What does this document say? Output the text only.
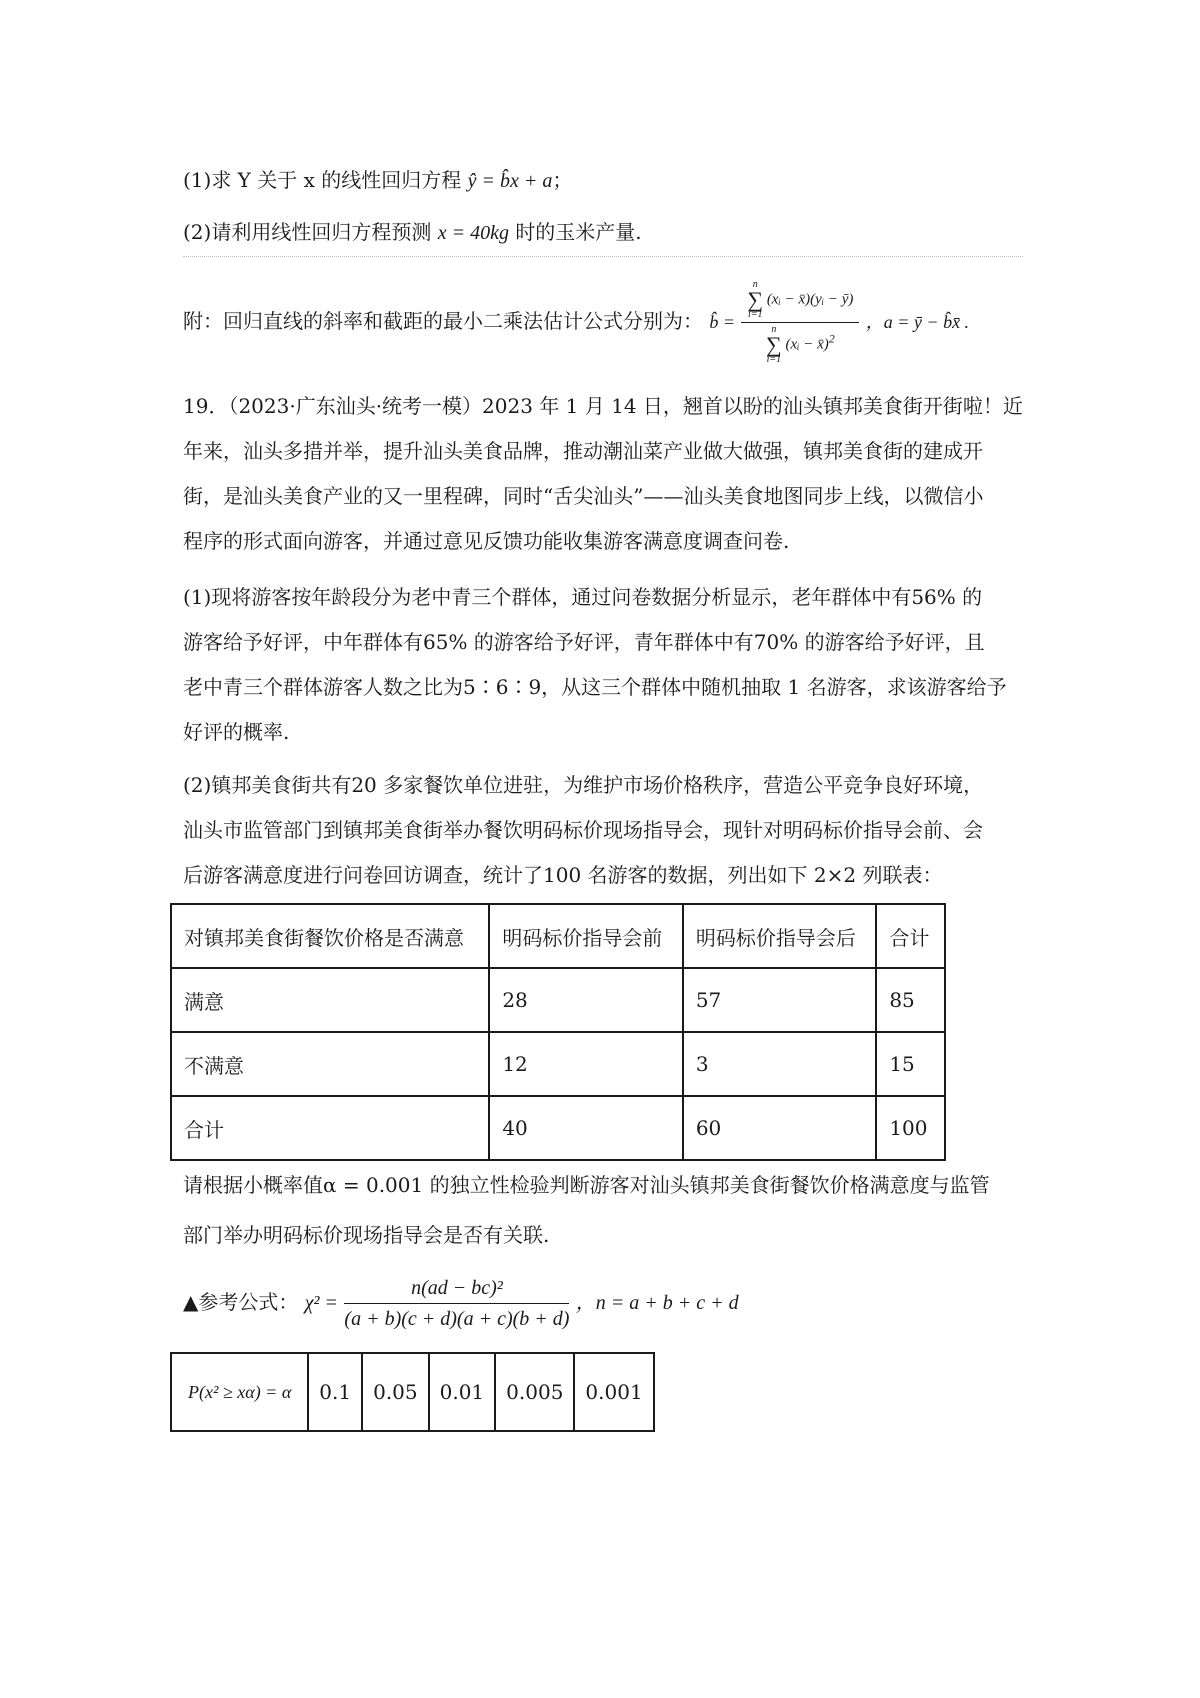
(1)求 Y 关于 x 的线性回归方程 ŷ = b̂x + a；
(2)请利用线性回归方程预测 x = 40kg 时的玉米产量.
附：回归直线的斜率和截距的最小二乘法估计公式分别为： b̂ =
n
∑
i=1 (xᵢ − x̄)(yᵢ − ȳ)
n
∑
i=1 (xᵢ − x̄)$^2$
，a = ȳ − b̂x̄ .
19．（2023·广东汕头·统考一模）2023 年 1 月 14 日，翘首以盼的汕头镇邦美食街开街啦！近
年来，汕头多措并举，提升汕头美食品牌，推动潮汕菜产业做大做强，镇邦美食街的建成开
街，是汕头美食产业的又一里程碑，同时“舌尖汕头”——汕头美食地图同步上线，以微信小
程序的形式面向游客，并通过意见反馈功能收集游客满意度调查问卷.
(1)现将游客按年龄段分为老中青三个群体，通过问卷数据分析显示，老年群体中有56% 的
游客给予好评，中年群体有65% 的游客给予好评，青年群体中有70% 的游客给予好评，且
老中青三个群体游客人数之比为5∶6∶9，从这三个群体中随机抽取 1 名游客，求该游客给予
好评的概率.
(2)镇邦美食街共有20 多家餐饮单位进驻，为维护市场价格秩序，营造公平竞争良好环境，
汕头市监管部门到镇邦美食街举办餐饮明码标价现场指导会，现针对明码标价指导会前、会
后游客满意度进行问卷回访调查，统计了100 名游客的数据，列出如下 2×2 列联表：
对镇邦美食街餐饮价格是否满意	明码标价指导会前	明码标价指导会后	合计
满意	28	57	85
不满意	12	3	15
合计	40	60	100
请根据小概率值α = 0.001 的独立性检验判断游客对汕头镇邦美食街餐饮价格满意度与监管
部门举办明码标价现场指导会是否有关联.
▲参考公式： $\chi^2 = \frac{\text{n(ad − bc)²}}{(a + b)(c + d)(a + c)(b + d)}$ ，n = a + b + c + d
P(x² ≥ xα) = α	0.1	0.05	0.01	0.005	0.001
